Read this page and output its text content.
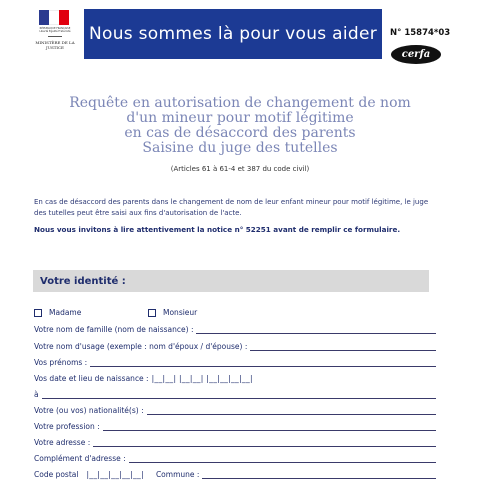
RÉPUBLIQUE FRANÇAISE
Liberté Égalité Fraternité
MINISTÈRE DE LA JUSTICE
Nous sommes là pour vous aider	N° 15874*03
cerfa
Requête en autorisation de changement de nom
d'un mineur pour motif légitime
en cas de désaccord des parents
Saisine du juge des tutelles
(Articles 61 à 61-4 et 387 du code civil)
En cas de désaccord des parents dans le changement de nom de leur enfant mineur pour motif légitime, le juge des tutelles peut être saisi aux fins d'autorisation de l'acte.
Nous vous invitons à lire attentivement la notice n° 52251 avant de remplir ce formulaire.
Votre identité :
Madame	Monsieur
Votre nom de famille (nom de naissance) :
Votre nom d'usage (exemple : nom d'époux / d'épouse) :
Vos prénoms :
Vos date et lieu de naissance : |__|__| |__|__| |__|__|__|__|
à
Votre (ou vos) nationalité(s) :
Votre profession :
Votre adresse :
Complément d'adresse :
Code postal |__|__|__|__|__| Commune :
